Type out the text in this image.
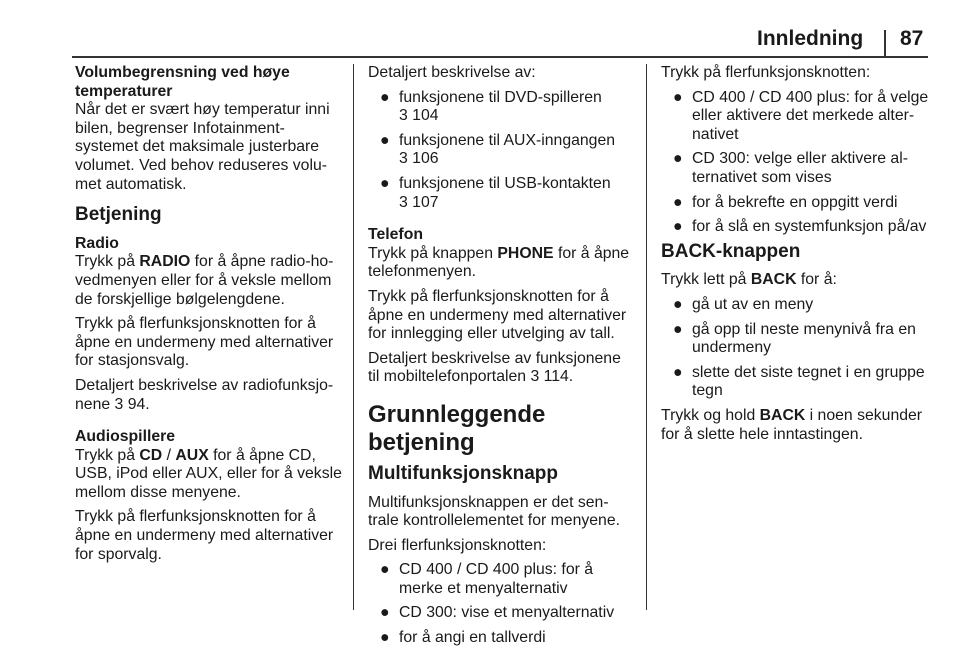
Innledning 87

Volumbegrensning ved høye temperaturer

Når det er svært høy temperatur inni bilen, begrenser Infotainment-systemet det maksimale justerbare volumet. Ved behov reduseres volu-met automatisk.

Betjening

Radio

Trykk på RADIO for å åpne radio-ho-vedmenyen eller for å veksle mellom de forskjellige bølgelengdene.

Trykk på flerfunksjonsknotten for å åpne en undermeny med alternativer for stasjonsvalg.

Detaljert beskrivelse av radiofunksjo-nene 3 94.

Audiospillere

Trykk på CD / AUX for å åpne CD, USB, iPod eller AUX, eller for å veksle mellom disse menyene.

Trykk på flerfunksjonsknotten for å åpne en undermeny med alternativer for sporvalg.

Detaljert beskrivelse av:

● funksjonene til DVD-spilleren
3 104
● funksjonene til AUX-inngangen
3 106
● funksjonene til USB-kontakten
3 107

Telefon

Trykk på knappen PHONE for å åpne telefonmenyen.

Trykk på flerfunksjonsknotten for å åpne en undermeny med alternativer for innlegging eller utvelging av tall.

Detaljert beskrivelse av funksjonene til mobiltelefonportalen 3 114.

Grunnleggende betjening
Multifunksjonsknapp

Multifunksjonsknappen er det sen-trale kontrollelementet for menyene.

Drei flerfunksjonsknotten:

● CD 400 / CD 400 plus: for å merke et menyalternativ
● CD 300: vise et menyalternativ
● for å angi en tallverdi

Trykk på flerfunksjonsknotten:

● CD 400 / CD 400 plus: for å velge eller aktivere det merkede alter-nativet
● CD 300: velge eller aktivere al-ternativet som vises
● for å bekrefte en oppgitt verdi
● for å slå en systemfunksjon på/av
BACK-knappen

Trykk lett på BACK for å:

● gå ut av en meny
● gå opp til neste menynivå fra en undermeny
● slette det siste tegnet i en gruppe tegn

Trykk og hold BACK i noen sekunder for å slette hele inntastingen.
